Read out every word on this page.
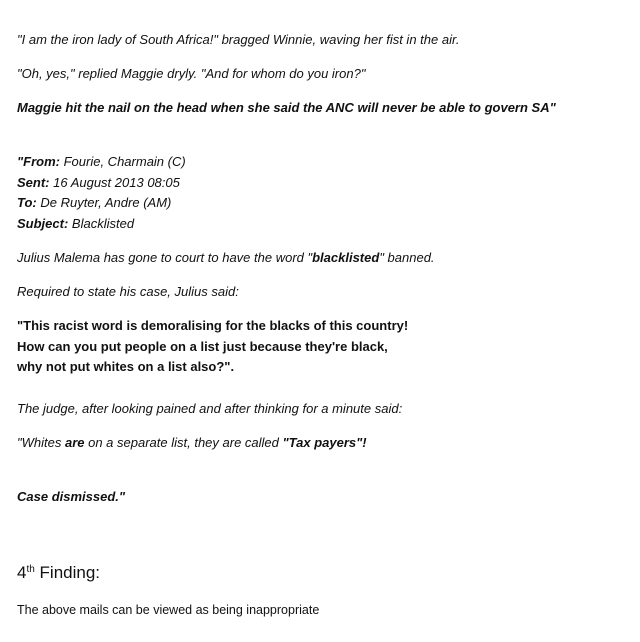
"I am the iron lady of South Africa!" bragged Winnie, waving her fist in the air.
"Oh, yes," replied Maggie dryly. "And for whom do you iron?"
Maggie hit the nail on the head when she said the ANC will never be able to govern SA"
"From: Fourie, Charmain (C)
Sent: 16 August 2013 08:05
To: De Ruyter, Andre (AM)
Subject: Blacklisted
Julius Malema has gone to court to have the word "blacklisted" banned.
Required to state his case, Julius said:
"This racist word is demoralising for the blacks of this country!
How can you put people on a list just because they're black,
why not put whites on a list also?".
The judge, after looking pained and after thinking for a minute said:
"Whites are on a separate list, they are called "Tax payers"!
Case dismissed."
4th Finding:
The above mails can be viewed as being inappropriate
